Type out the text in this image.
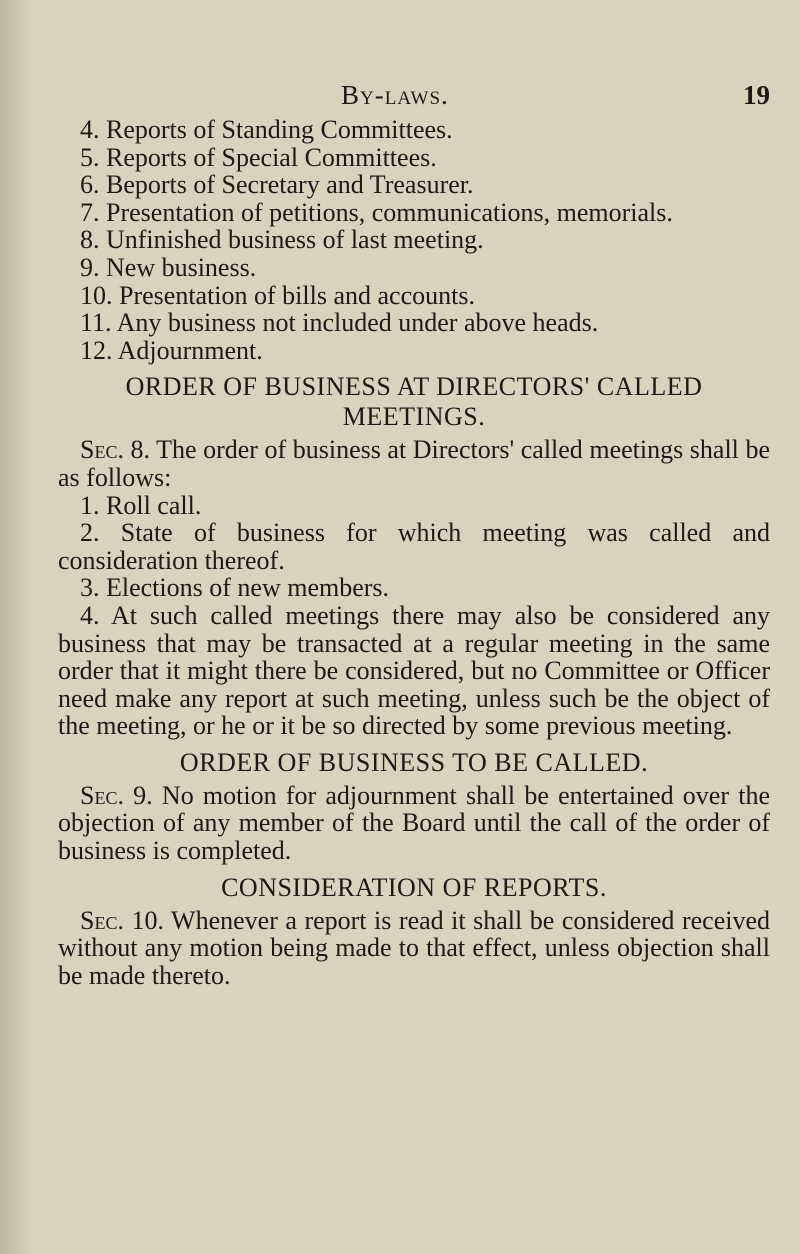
By-laws.	19

4. Reports of Standing Committees.

5. Reports of Special Committees.

6. Beports of Secretary and Treasurer.

7. Presentation of petitions, communications, memorials.

8. Unfinished business of last meeting.

9. New business.

10. Presentation of bills and accounts.

11. Any business not included under above heads.

12. Adjournment.

ORDER OF BUSINESS AT DIRECTORS' CALLED MEETINGS.

Sec. 8. The order of business at Directors' called meetings shall be as follows:

1. Roll call.

2. State of business for which meeting was called and consideration thereof.

3. Elections of new members.

4. At such called meetings there may also be considered any business that may be transacted at a regular meeting in the same order that it might there be considered, but no Committee or Officer need make any report at such meeting, unless such be the object of the meeting, or he or it be so directed by some previous meeting.

ORDER OF BUSINESS TO BE CALLED.

Sec. 9. No motion for adjournment shall be entertained over the objection of any member of the Board until the call of the order of business is completed.

CONSIDERATION OF REPORTS.

Sec. 10. Whenever a report is read it shall be considered received without any motion being made to that effect, unless objection shall be made thereto.
